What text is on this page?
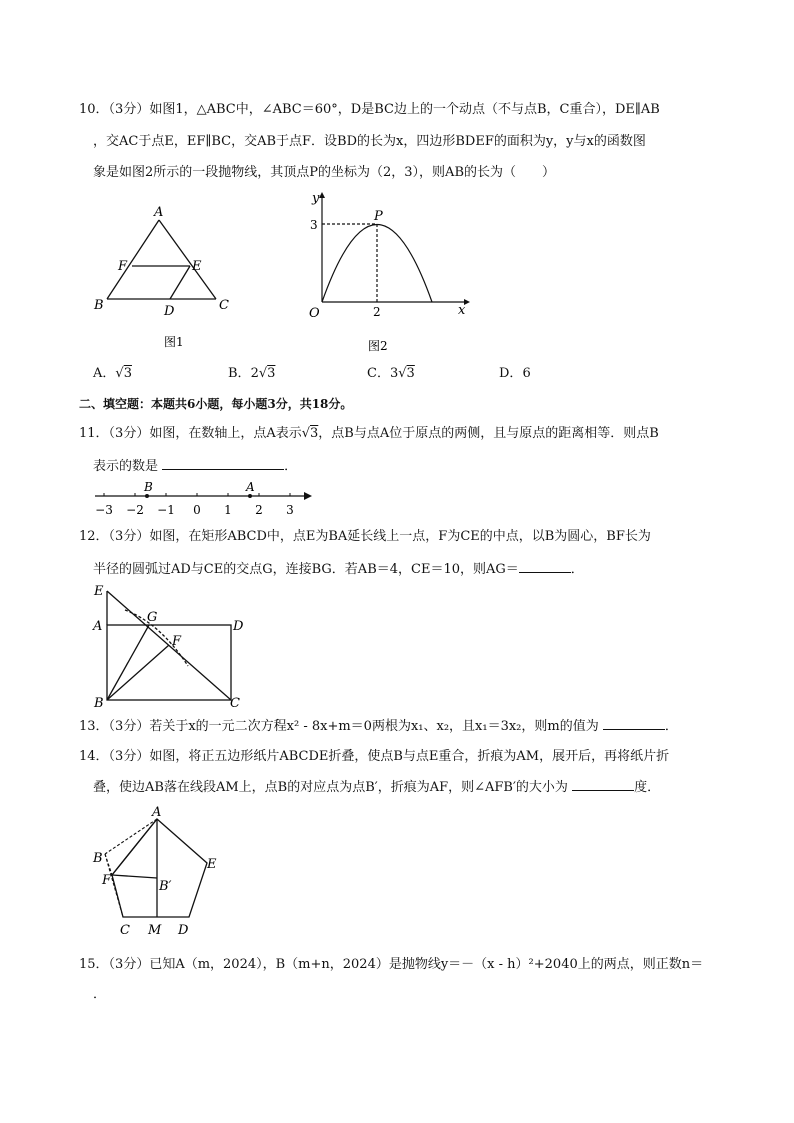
10．（3分）如图1，△ABC中，∠ABC＝60°，D是BC边上的一个动点（不与点B，C重合），DE∥AB
，交AC于点E，EF∥BC，交AB于点F．设BD的长为x，四边形BDEF的面积为y，y与x的函数图
象是如图2所示的一段抛物线，其顶点P的坐标为（2，3），则AB的长为（　　）
A
B	C
D
E
F
图1
y
x
O
P
3
2
图2
A．√3	B．2√3	C．3√3	D．6
二、填空题：本题共6小题，每小题3分，共18分。
11．（3分）如图，在数轴上，点A表示√3，点B与点A位于原点的两侧，且与原点的距离相等．则点B
表示的数是	．
B	A
−3 −2 −1 0 1 2 3
12．（3分）如图，在矩形ABCD中，点E为BA延长线上一点，F为CE的中点，以B为圆心，BF长为
半径的圆弧过AD与CE的交点G，连接BG．若AB＝4，CE＝10，则AG＝	．
E
A
G
F
D
B	C
13．（3分）若关于x的一元二次方程x² - 8x+m＝0两根为x₁、x₂，且x₁＝3x₂，则m的值为	．
14．（3分）如图，将正五边形纸片ABCDE折叠，使点B与点E重合，折痕为AM，展开后，再将纸片折
叠，使边AB落在线段AM上，点B的对应点为点B′，折痕为AF，则∠AFB′的大小为	度．
A
B	E
B′
F
C M D
15．（3分）已知A（m，2024），B（m+n，2024）是抛物线y＝－（x - h）²+2040上的两点，则正数n＝
．
